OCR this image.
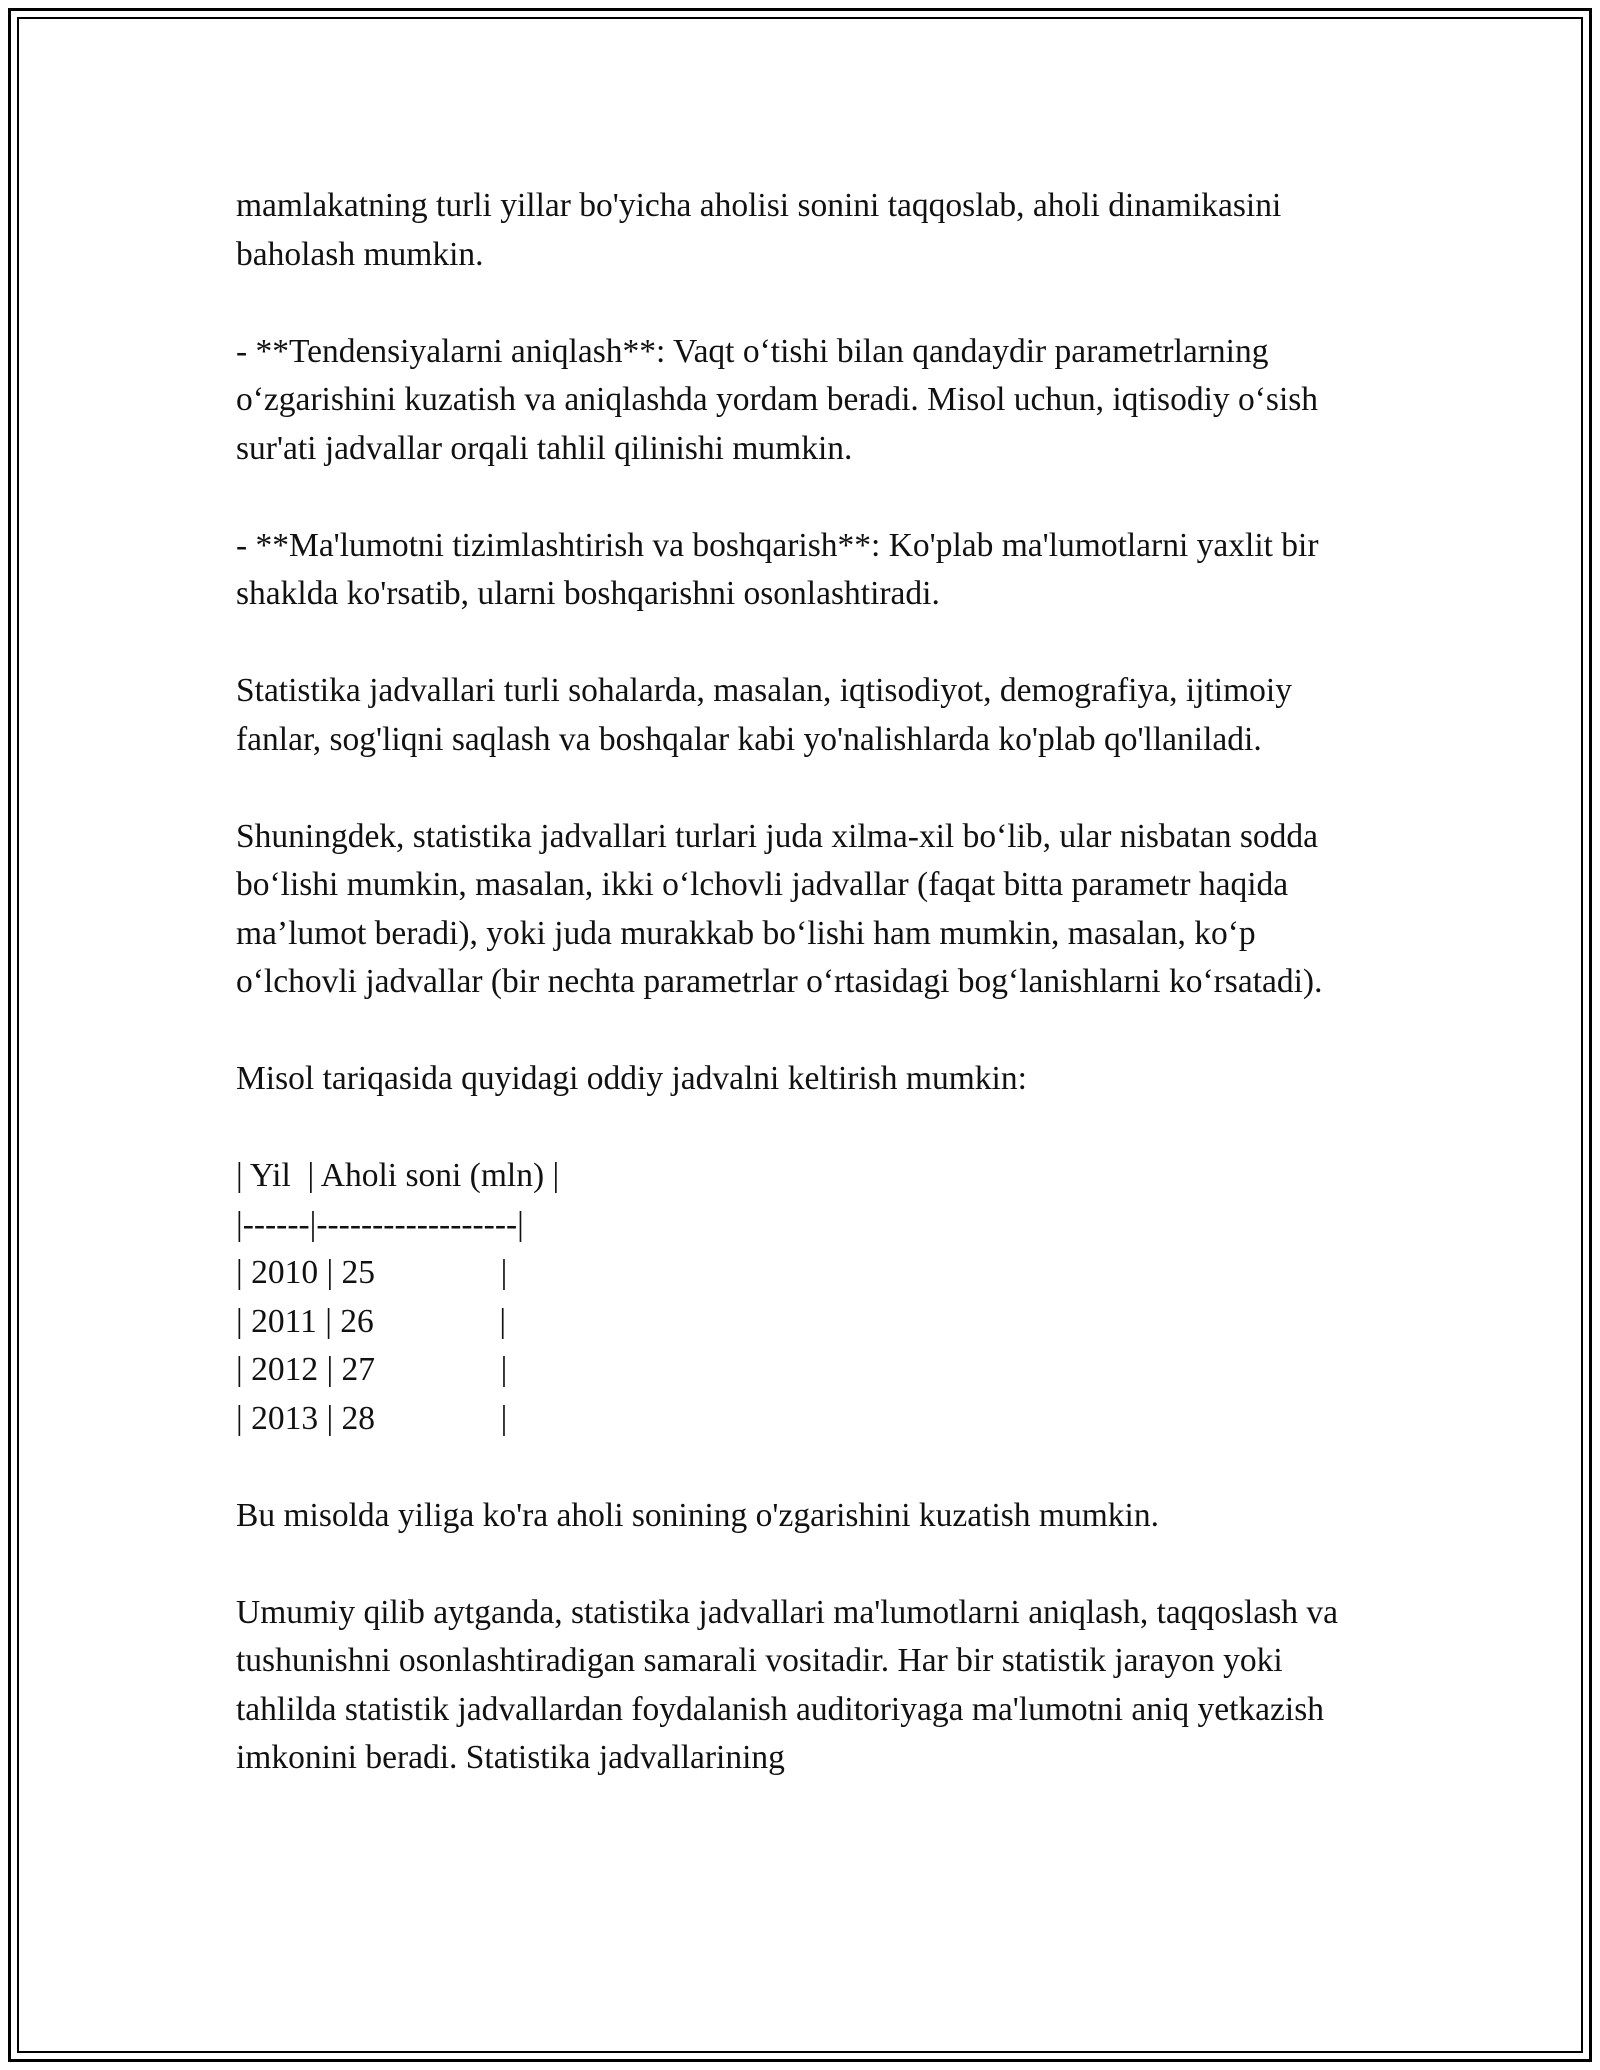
mamlakatning turli yillar bo'yicha aholisi sonini taqqoslab, aholi dinamikasini baholash mumkin.

- **Tendensiyalarni aniqlash**: Vaqt oʻtishi bilan qandaydir parametrlarning oʻzgarishini kuzatish va aniqlashda yordam beradi. Misol uchun, iqtisodiy oʻsish sur'ati jadvallar orqali tahlil qilinishi mumkin.

- **Ma'lumotni tizimlashtirish va boshqarish**: Ko'plab ma'lumotlarni yaxlit bir shaklda ko'rsatib, ularni boshqarishni osonlashtiradi.

Statistika jadvallari turli sohalarda, masalan, iqtisodiyot, demografiya, ijtimoiy fanlar, sog'liqni saqlash va boshqalar kabi yo'nalishlarda ko'plab qo'llaniladi.

Shuningdek, statistika jadvallari turlari juda xilma-xil boʻlib, ular nisbatan sodda boʻlishi mumkin, masalan, ikki oʻlchovli jadvallar (faqat bitta parametr haqida ma’lumot beradi), yoki juda murakkab boʻlishi ham mumkin, masalan, koʻp oʻlchovli jadvallar (bir nechta parametrlar oʻrtasidagi bogʻlanishlarni koʻrsatadi).

Misol tariqasida quyidagi oddiy jadvalni keltirish mumkin:

| Yil  | Aholi soni (mln) |
|------|------------------|
| 2010 | 25               |
| 2011 | 26               |
| 2012 | 27               |
| 2013 | 28               |

Bu misolda yiliga ko'ra aholi sonining o'zgarishini kuzatish mumkin.

Umumiy qilib aytganda, statistika jadvallari ma'lumotlarni aniqlash, taqqoslash va tushunishni osonlashtiradigan samarali vositadir. Har bir statistik jarayon yoki tahlilda statistik jadvallardan foydalanish auditoriyaga ma'lumotni aniq yetkazish imkonini beradi. Statistika jadvallarining
